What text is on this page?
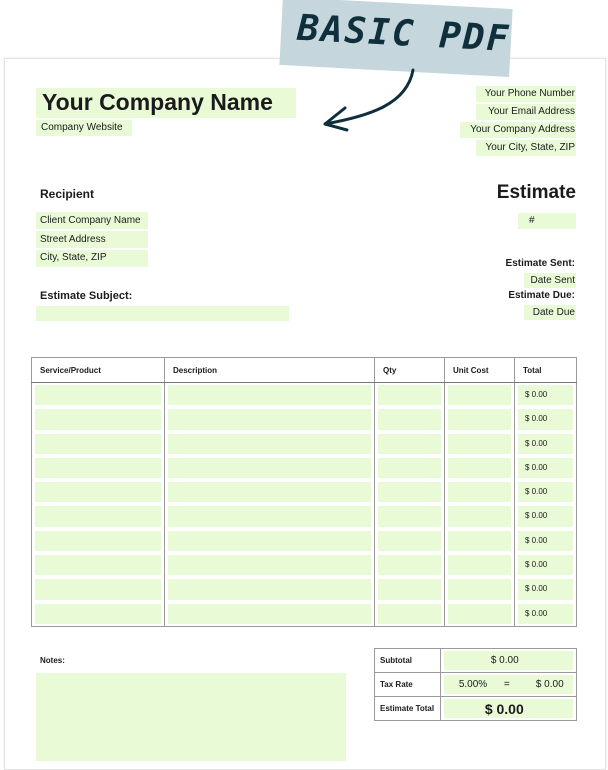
BASIC PDF
Your Company Name
Company Website
Your Phone Number
Your Email Address
Your Company Address
Your City, State, ZIP
Recipient
Client Company Name
Street Address
City, State, ZIP
Estimate Subject:
Estimate
#
Estimate Sent:
Date Sent
Estimate Due:
Date Due
Service/Product	Description	Qty	Unit Cost	Total

				$ 0.00

				$ 0.00

				$ 0.00

				$ 0.00

				$ 0.00

				$ 0.00

				$ 0.00

				$ 0.00

				$ 0.00

				$ 0.00
Notes:	Subtotal	$ 0.00

Tax Rate	5.00% = $ 0.00

Estimate Total	$ 0.00
